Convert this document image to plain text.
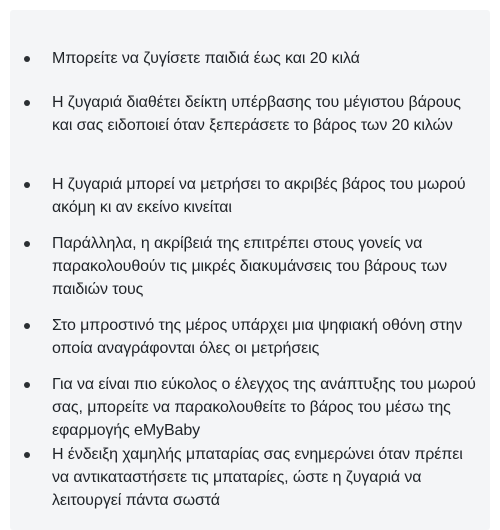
Μπορείτε να ζυγίσετε παιδιά έως και 20 κιλά
Η ζυγαριά διαθέτει δείκτη υπέρβασης του μέγιστου βάρους και σας ειδοποιεί όταν ξεπεράσετε το βάρος των 20 κιλών
Η ζυγαριά μπορεί να μετρήσει το ακριβές βάρος του μωρού ακόμη κι αν εκείνο κινείται
Παράλληλα, η ακρίβειά της επιτρέπει στους γονείς να παρακολουθούν τις μικρές διακυμάνσεις του βάρους των παιδιών τους
Στο μπροστινό της μέρος υπάρχει μια ψηφιακή οθόνη στην οποία αναγράφονται όλες οι μετρήσεις
Για να είναι πιο εύκολος ο έλεγχος της ανάπτυξης του μωρού σας, μπορείτε να παρακολουθείτε το βάρος του μέσω της εφαρμογής eMyBaby
Η ένδειξη χαμηλής μπαταρίας σας ενημερώνει όταν πρέπει να αντικαταστήσετε τις μπαταρίες, ώστε η ζυγαριά να λειτουργεί πάντα σωστά
